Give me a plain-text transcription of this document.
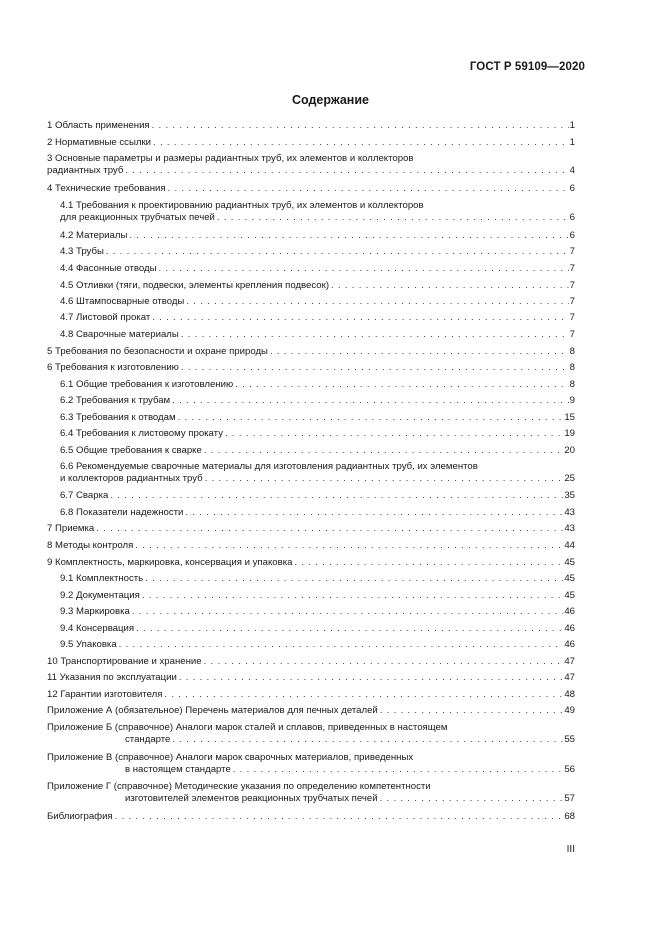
ГОСТ Р 59109—2020
Содержание
1 Область применения . . .	1
2 Нормативные ссылки . . .	1
3 Основные параметры и размеры радиантных труб, их элементов и коллекторов
радиантных труб . . .	4
4 Технические требования . . .	6
4.1 Требования к проектированию радиантных труб, их элементов и коллекторов
для реакционных трубчатых печей . . .	6
4.2 Материалы . . .	6
4.3 Трубы . . .	7
4.4 Фасонные отводы . . .	7
4.5 Отливки (тяги, подвески, элементы крепления подвесок) . . .	7
4.6 Штампосварные отводы . . .	7
4.7 Листовой прокат . . .	7
4.8 Сварочные материалы . . .	7
5 Требования по безопасности и охране природы . . .	8
6 Требования к изготовлению . . .	8
6.1 Общие требования к изготовлению . . .	8
6.2 Требования к трубам . . .	9
6.3 Требования к отводам . . .	15
6.4 Требования к листовому прокату . . .	19
6.5 Общие требования к сварке . . .	20
6.6 Рекомендуемые сварочные материалы для изготовления радиантных труб, их элементов
и коллекторов радиантных труб . . .	25
6.7 Сварка . . .	35
6.8 Показатели надежности . . .	43
7 Приемка . . .	43
8 Методы контроля . . .	44
9 Комплектность, маркировка, консервация и упаковка . . .	45
9.1 Комплектность . . .	45
9.2 Документация . . .	45
9.3 Маркировка . . .	46
9.4 Консервация . . .	46
9.5 Упаковка . . .	46
10 Транспортирование и хранение . . .	47
11 Указания по эксплуатации . . .	47
12 Гарантии изготовителя . . .	48
Приложение А (обязательное) Перечень материалов для печных деталей . . .	49
Приложение Б (справочное) Аналоги марок сталей и сплавов, приведенных в настоящем
стандарте . . .	55
Приложение В (справочное) Аналоги марок сварочных материалов, приведенных
в настоящем стандарте . . .	56
Приложение Г (справочное) Методические указания по определению компетентности
изготовителей элементов реакционных трубчатых печей . . .	57
Библиография . . .	68
III
